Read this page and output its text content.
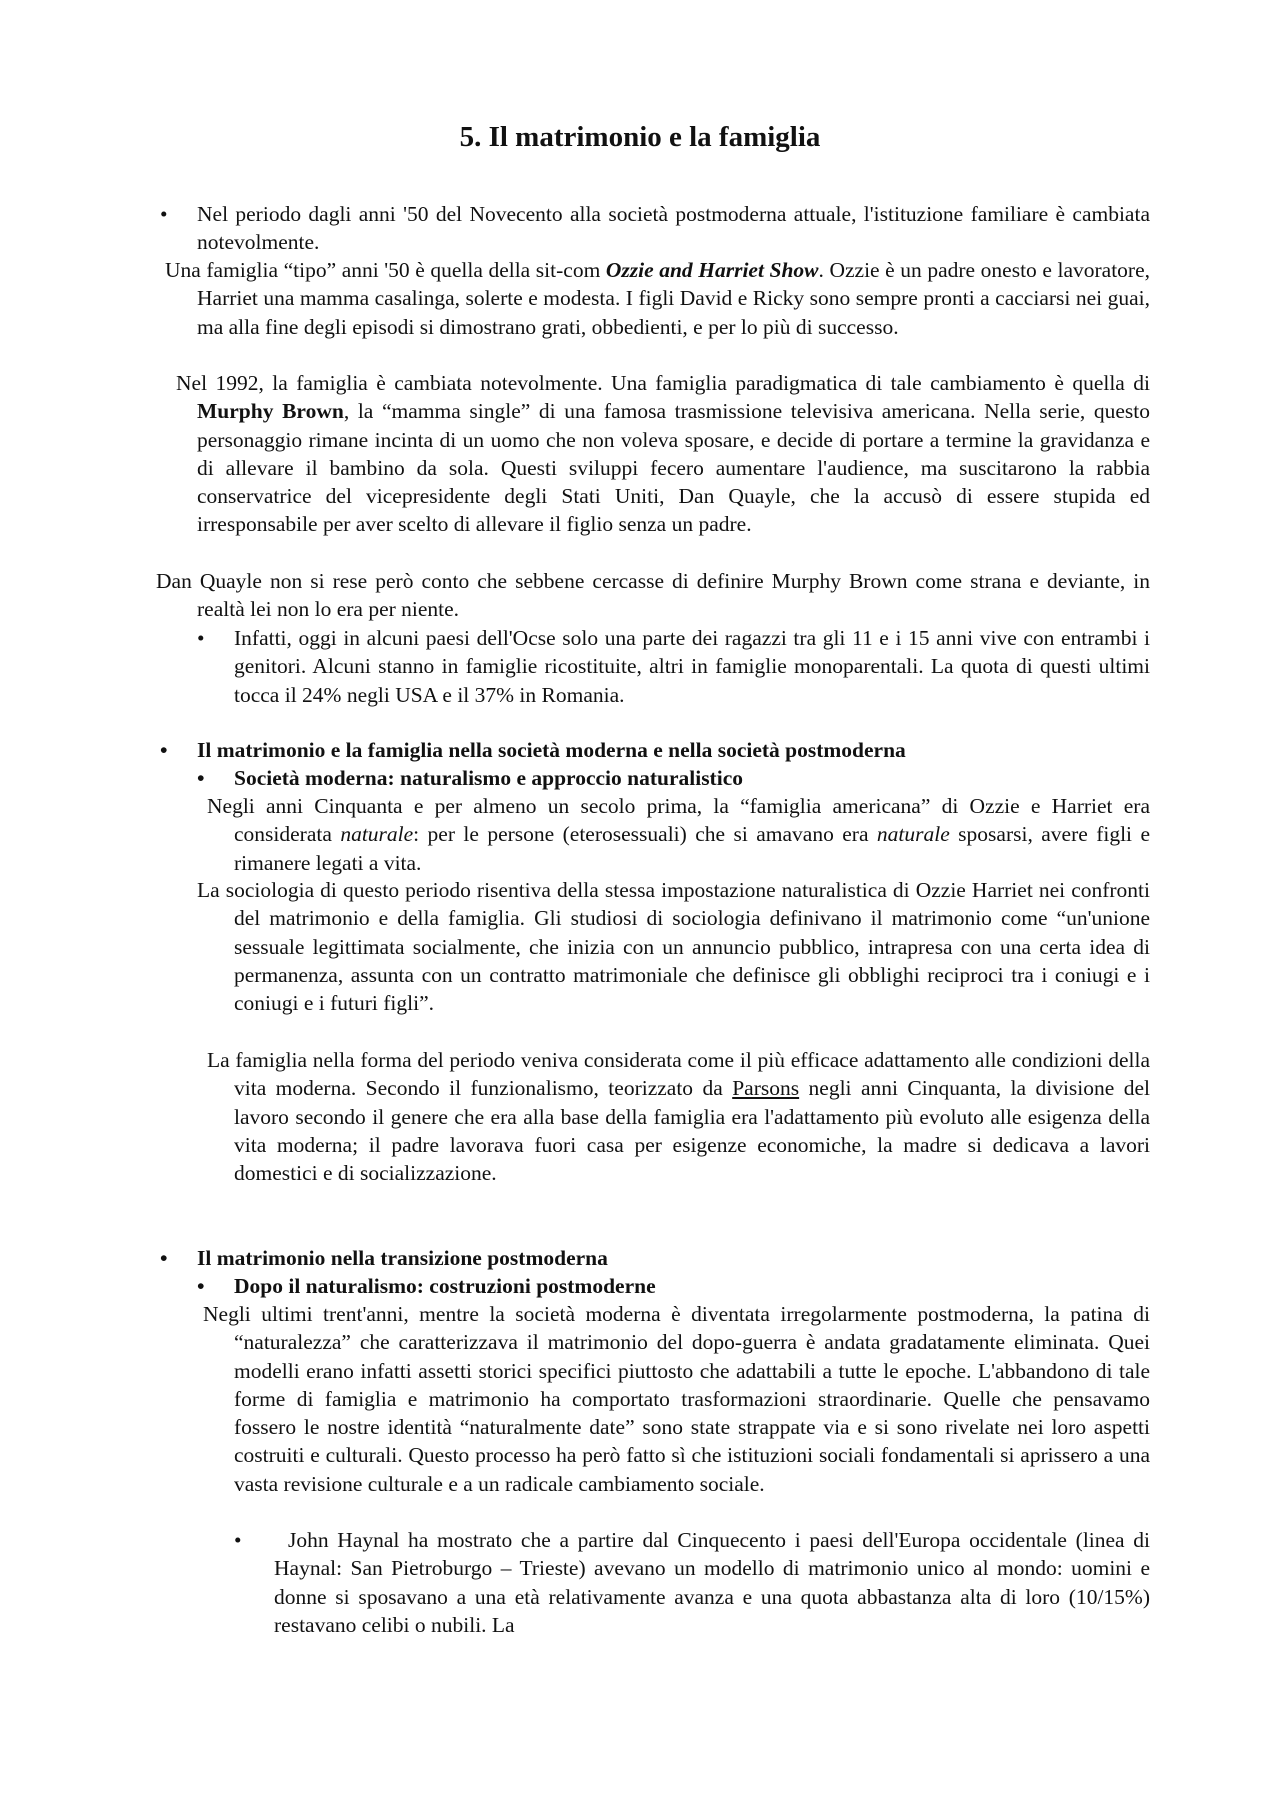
5. Il matrimonio e la famiglia
• Nel periodo dagli anni '50 del Novecento alla società postmoderna attuale, l'istituzione familiare è cambiata notevolmente.

Una famiglia “tipo” anni '50 è quella della sit-com Ozzie and Harriet Show. Ozzie è un padre onesto e lavoratore, Harriet una mamma casalinga, solerte e modesta. I figli David e Ricky sono sempre pronti a cacciarsi nei guai, ma alla fine degli episodi si dimostrano grati, obbedienti, e per lo più di successo.

Nel 1992, la famiglia è cambiata notevolmente. Una famiglia paradigmatica di tale cambiamento è quella di Murphy Brown, la “mamma single” di una famosa trasmissione televisiva americana. Nella serie, questo personaggio rimane incinta di un uomo che non voleva sposare, e decide di portare a termine la gravidanza e di allevare il bambino da sola. Questi sviluppi fecero aumentare l'audience, ma suscitarono la rabbia conservatrice del vicepresidente degli Stati Uniti, Dan Quayle, che la accusò di essere stupida ed irresponsabile per aver scelto di allevare il figlio senza un padre.

Dan Quayle non si rese però conto che sebbene cercasse di definire Murphy Brown come strana e deviante, in realtà lei non lo era per niente.

• Infatti, oggi in alcuni paesi dell'Ocse solo una parte dei ragazzi tra gli 11 e i 15 anni vive con entrambi i genitori. Alcuni stanno in famiglie ricostituite, altri in famiglie monoparentali. La quota di questi ultimi tocca il 24% negli USA e il 37% in Romania.

• Il matrimonio e la famiglia nella società moderna e nella società postmoderna

• Società moderna: naturalismo e approccio naturalistico

Negli anni Cinquanta e per almeno un secolo prima, la “famiglia americana” di Ozzie e Harriet era considerata naturale: per le persone (eterosessuali) che si amavano era naturale sposarsi, avere figli e rimanere legati a vita.

La sociologia di questo periodo risentiva della stessa impostazione naturalistica di Ozzie Harriet nei confronti del matrimonio e della famiglia. Gli studiosi di sociologia definivano il matrimonio come “un'unione sessuale legittimata socialmente, che inizia con un annuncio pubblico, intrapresa con una certa idea di permanenza, assunta con un contratto matrimoniale che definisce gli obblighi reciproci tra i coniugi e i coniugi e i futuri figli”.

La famiglia nella forma del periodo veniva considerata come il più efficace adattamento alle condizioni della vita moderna. Secondo il funzionalismo, teorizzato da Parsons negli anni Cinquanta, la divisione del lavoro secondo il genere che era alla base della famiglia era l'adattamento più evoluto alle esigenza della vita moderna; il padre lavorava fuori casa per esigenze economiche, la madre si dedicava a lavori domestici e di socializzazione.

• Il matrimonio nella transizione postmoderna

• Dopo il naturalismo: costruzioni postmoderne

Negli ultimi trent'anni, mentre la società moderna è diventata irregolarmente postmoderna, la patina di “naturalezza” che caratterizzava il matrimonio del dopo-guerra è andata gradatamente eliminata. Quei modelli erano infatti assetti storici specifici piuttosto che adattabili a tutte le epoche. L'abbandono di tale forme di famiglia e matrimonio ha comportato trasformazioni straordinarie. Quelle che pensavamo fossero le nostre identità “naturalmente date” sono state strappate via e si sono rivelate nei loro aspetti costruiti e culturali. Questo processo ha però fatto sì che istituzioni sociali fondamentali si aprissero a una vasta revisione culturale e a un radicale cambiamento sociale.

•	John Haynal ha mostrato che a partire dal Cinquecento i paesi dell'Europa occidentale (linea di Haynal: San Pietroburgo – Trieste) avevano un modello di matrimonio unico al mondo: uomini e donne si sposavano a una età relativamente avanza e una quota abbastanza alta di loro (10/15%) restavano celibi o nubili. La
